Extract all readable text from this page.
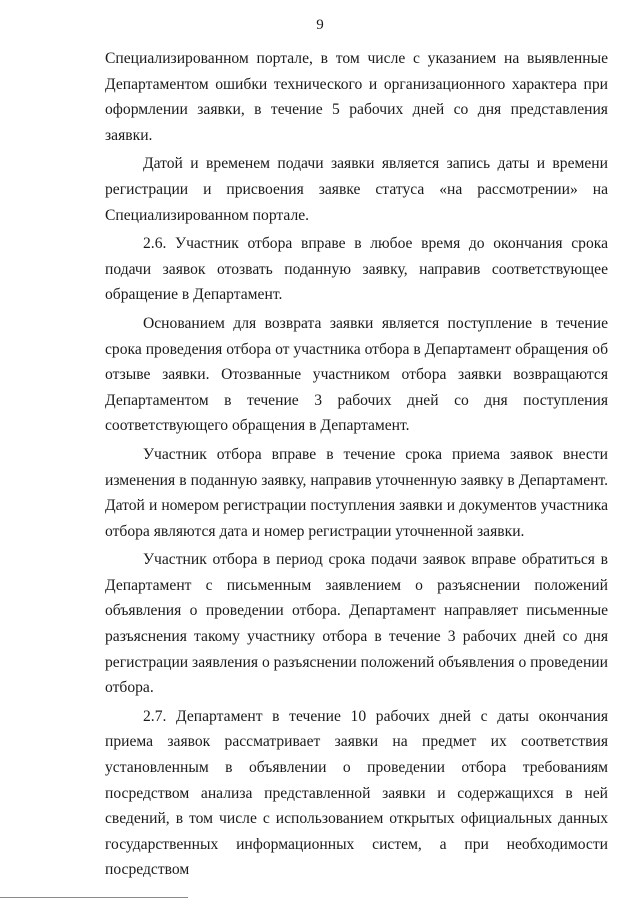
9

Специализированном портале, в том числе с указанием на выявленные Департаментом ошибки технического и организационного характера при оформлении заявки, в течение 5 рабочих дней со дня представления заявки.

Датой и временем подачи заявки является запись даты и времени регистрации и присвоения заявке статуса «на рассмотрении» на Специализированном портале.

2.6. Участник отбора вправе в любое время до окончания срока подачи заявок отозвать поданную заявку, направив соответствующее обращение в Департамент.

Основанием для возврата заявки является поступление в течение срока проведения отбора от участника отбора в Департамент обращения об отзыве заявки. Отозванные участником отбора заявки возвращаются Департаментом в течение 3 рабочих дней со дня поступления соответствующего обращения в Департамент.

Участник отбора вправе в течение срока приема заявок внести изменения в поданную заявку, направив уточненную заявку в Департамент. Датой и номером регистрации поступления заявки и документов участника отбора являются дата и номер регистрации уточненной заявки.

Участник отбора в период срока подачи заявок вправе обратиться в Департамент с письменным заявлением о разъяснении положений объявления о проведении отбора. Департамент направляет письменные разъяснения такому участнику отбора в течение 3 рабочих дней со дня регистрации заявления о разъяснении положений объявления о проведении отбора.

2.7. Департамент в течение 10 рабочих дней с даты окончания приема заявок рассматривает заявки на предмет их соответствия установленным в объявлении о проведении отбора требованиям посредством анализа представленной заявки и содержащихся в ней сведений, в том числе с использованием открытых официальных данных государственных информационных систем, а при необходимости посредством
